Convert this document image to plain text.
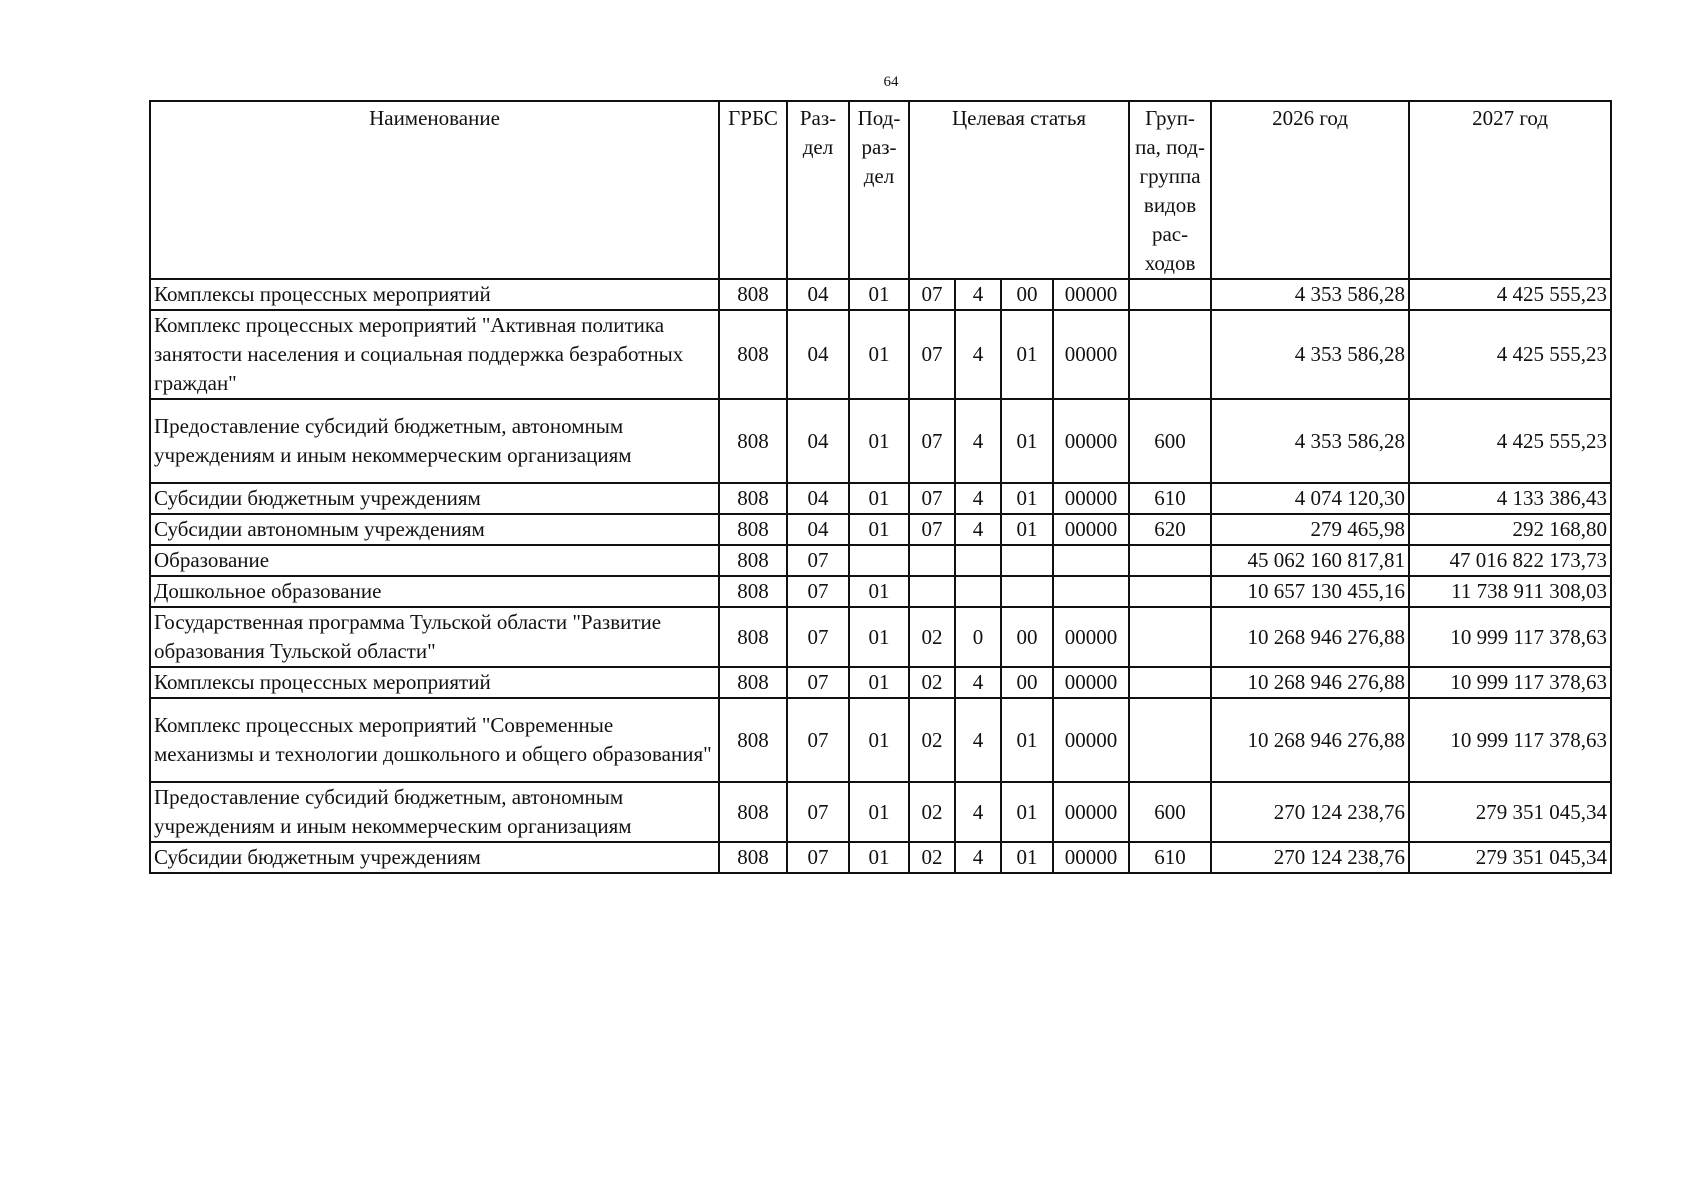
64
Наименование	ГРБС	Раз-дел	Под-раз-дел	Целевая статья				Груп-па, под-группа видов рас-ходов	2026 год	2027 год
Комплексы процессных мероприятий	808	04	01	07	4	00	00000		4 353 586,28	4 425 555,23
Комплекс процессных мероприятий "Активная политика занятости населения и социальная поддержка безработных граждан"	808	04	01	07	4	01	00000		4 353 586,28	4 425 555,23
Предоставление субсидий бюджетным, автономным учреждениям и иным некоммерческим организациям	808	04	01	07	4	01	00000	600	4 353 586,28	4 425 555,23
Субсидии бюджетным учреждениям	808	04	01	07	4	01	00000	610	4 074 120,30	4 133 386,43
Субсидии автономным учреждениям	808	04	01	07	4	01	00000	620	279 465,98	292 168,80
Образование	808	07							45 062 160 817,81	47 016 822 173,73
Дошкольное образование	808	07	01						10 657 130 455,16	11 738 911 308,03
Государственная программа Тульской области "Развитие образования Тульской области"	808	07	01	02	0	00	00000		10 268 946 276,88	10 999 117 378,63
Комплексы процессных мероприятий	808	07	01	02	4	00	00000		10 268 946 276,88	10 999 117 378,63
Комплекс процессных мероприятий "Современные механизмы и технологии дошкольного и общего образования"	808	07	01	02	4	01	00000		10 268 946 276,88	10 999 117 378,63
Предоставление субсидий бюджетным, автономным учреждениям и иным некоммерческим организациям	808	07	01	02	4	01	00000	600	270 124 238,76	279 351 045,34
Субсидии бюджетным учреждениям	808	07	01	02	4	01	00000	610	270 124 238,76	279 351 045,34
